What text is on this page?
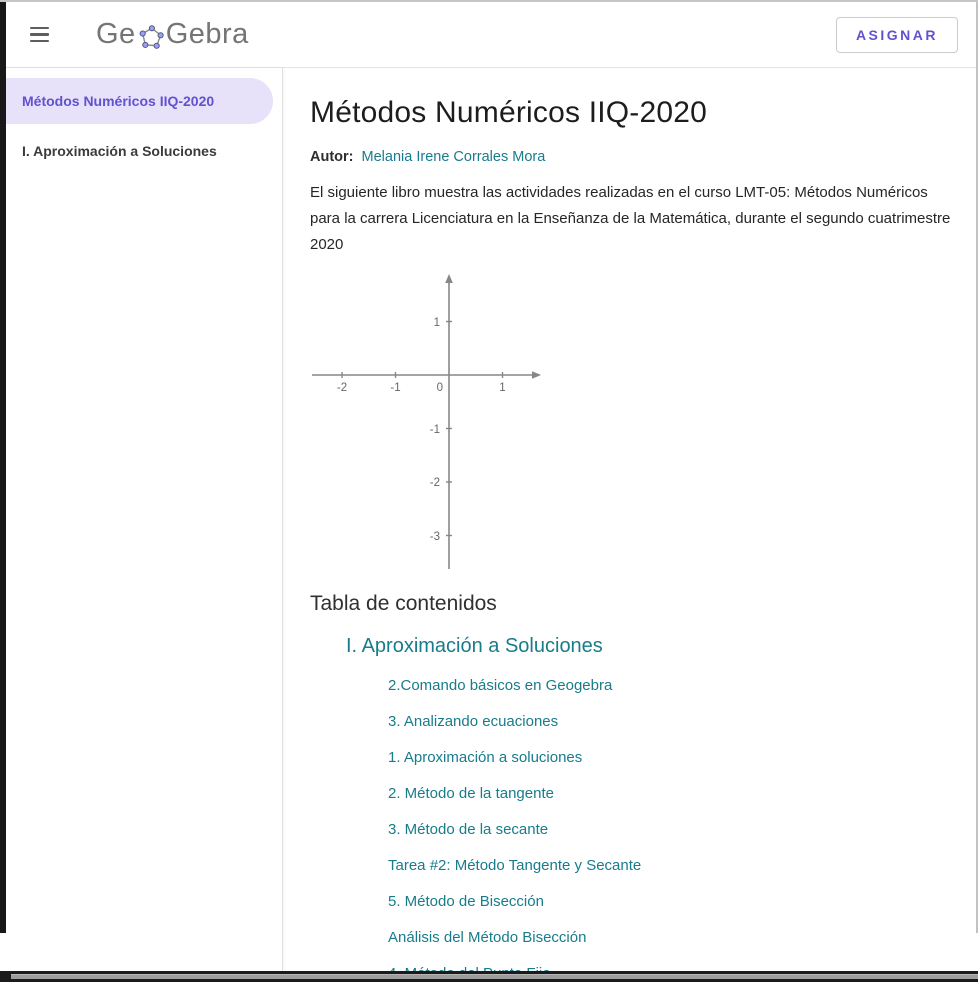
Ge Gebra	ASIGNAR
Métodos Numéricos IIQ-2020
I. Aproximación a Soluciones
Métodos Numéricos IIQ-2020
Autor: Melania Irene Corrales Mora

El siguiente libro muestra las actividades realizadas en el curso LMT-05: Métodos Numéricos para la carrera Licenciatura en la Enseñanza de la Matemática, durante el segundo cuatrimestre 2020

-2	-1	0	1
1
-1
-2
-3
Tabla de contenidos
I. Aproximación a Soluciones
2.Comando básicos en Geogebra
3. Analizando ecuaciones
1. Aproximación a soluciones
2. Método de la tangente
3. Método de la secante
Tarea #2: Método Tangente y Secante
5. Método de Bisección
Análisis del Método Bisección
